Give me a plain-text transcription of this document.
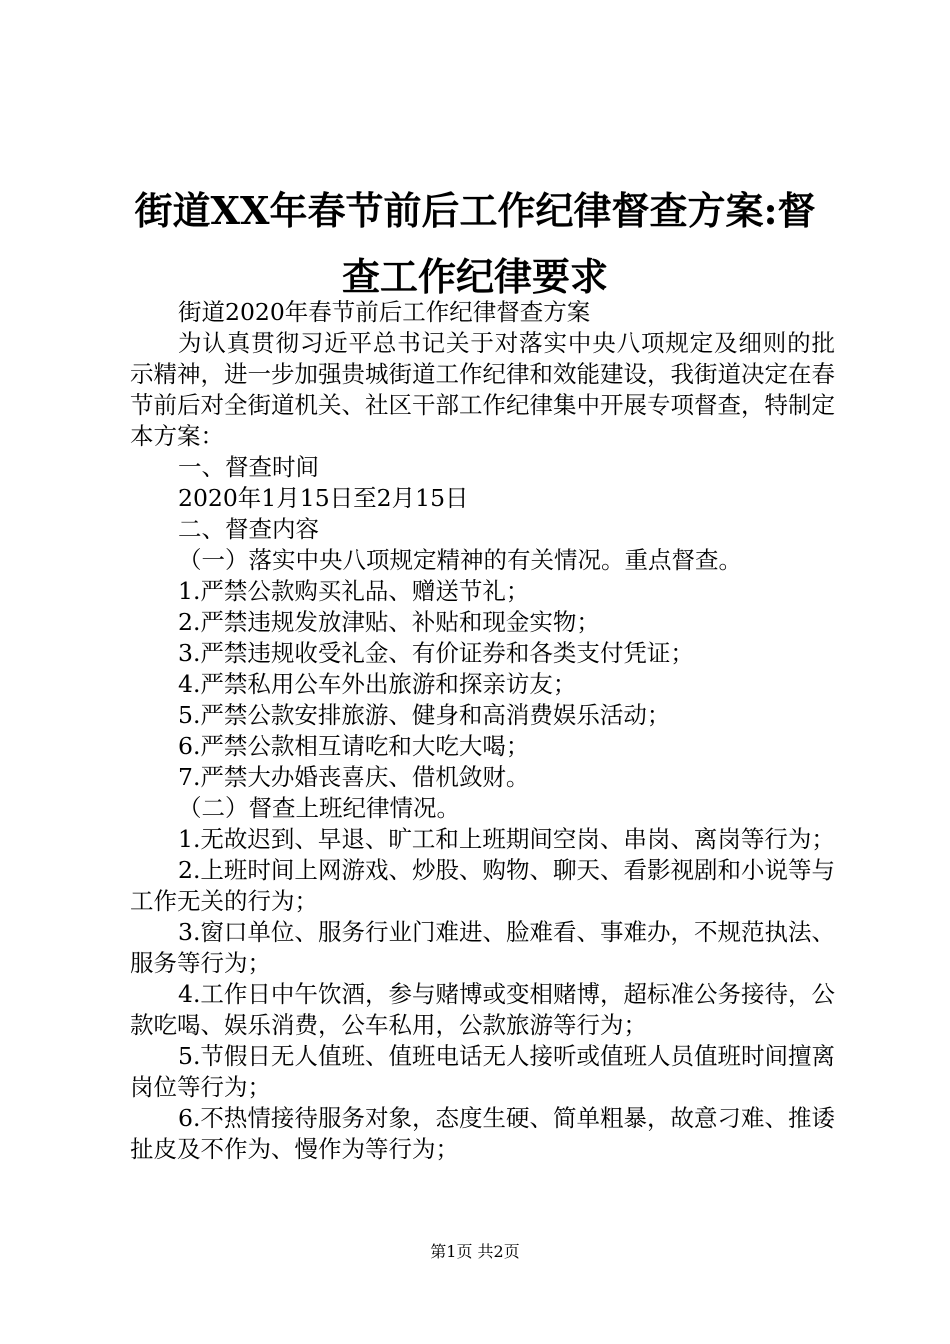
街道XX年春节前后工作纪律督查方案:督查工作纪律要求

街道2020年春节前后工作纪律督查方案

为认真贯彻习近平总书记关于对落实中央八项规定及细则的批示精神，进一步加强贵城街道工作纪律和效能建设，我街道决定在春节前后对全街道机关、社区干部工作纪律集中开展专项督查，特制定本方案：

一、督查时间

2020年1月15日至2月15日

二、督查内容

（一）落实中央八项规定精神的有关情况。重点督查。

1.严禁公款购买礼品、赠送节礼；

2.严禁违规发放津贴、补贴和现金实物；

3.严禁违规收受礼金、有价证券和各类支付凭证；

4.严禁私用公车外出旅游和探亲访友；

5.严禁公款安排旅游、健身和高消费娱乐活动；

6.严禁公款相互请吃和大吃大喝；

7.严禁大办婚丧喜庆、借机敛财。

（二）督查上班纪律情况。

1.无故迟到、早退、旷工和上班期间空岗、串岗、离岗等行为；

2.上班时间上网游戏、炒股、购物、聊天、看影视剧和小说等与工作无关的行为；

3.窗口单位、服务行业门难进、脸难看、事难办，不规范执法、服务等行为；

4.工作日中午饮酒，参与赌博或变相赌博，超标准公务接待，公款吃喝、娱乐消费，公车私用，公款旅游等行为；

5.节假日无人值班、值班电话无人接听或值班人员值班时间擅离岗位等行为；

6.不热情接待服务对象，态度生硬、简单粗暴，故意刁难、推诿扯皮及不作为、慢作为等行为；

第1页 共2页
